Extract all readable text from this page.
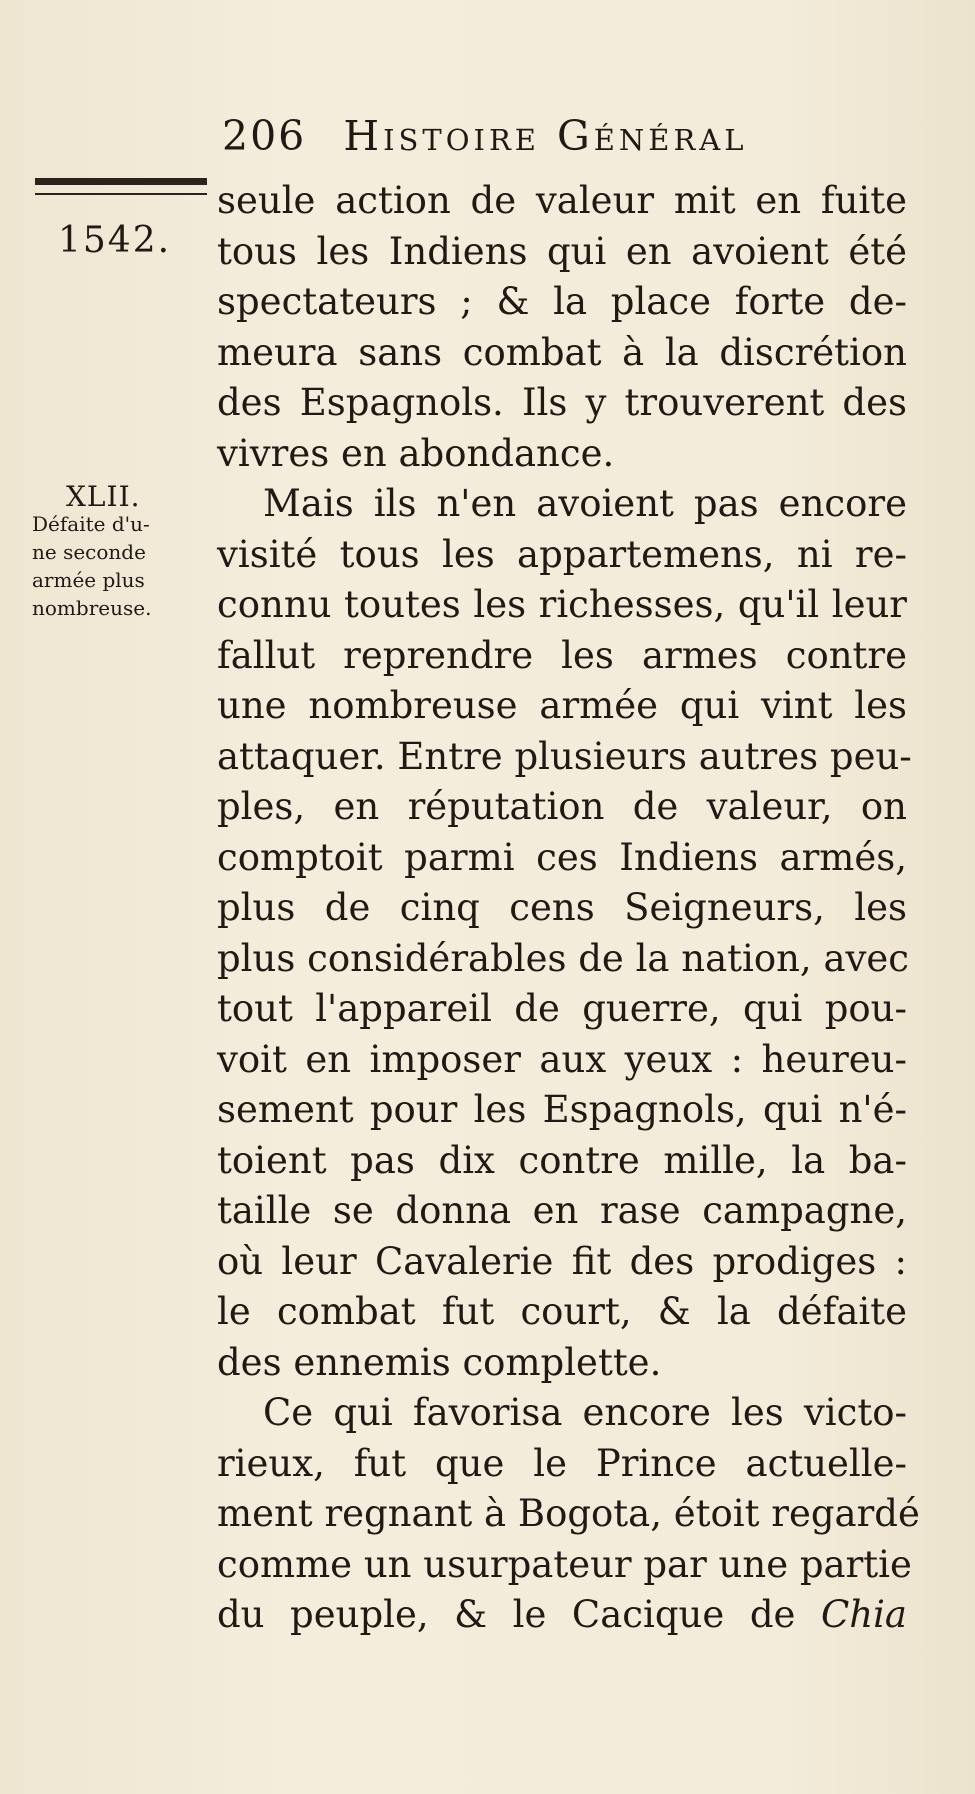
206 Histoire Général
1542.
XLII.
Défaite d'u-
ne seconde
armée plus
nombreuse.
seule action de valeur mit en fuite
tous les Indiens qui en avoient été
spectateurs ; & la place forte de-
meura sans combat à la discrétion
des Espagnols. Ils y trouverent des
vivres en abondance.
Mais ils n'en avoient pas encore
visité tous les appartemens, ni re-
connu toutes les richesses, qu'il leur
fallut reprendre les armes contre
une nombreuse armée qui vint les
attaquer. Entre plusieurs autres peu-
ples, en réputation de valeur, on
comptoit parmi ces Indiens armés,
plus de cinq cens Seigneurs, les
plus considérables de la nation, avec
tout l'appareil de guerre, qui pou-
voit en imposer aux yeux : heureu-
sement pour les Espagnols, qui n'é-
toient pas dix contre mille, la ba-
taille se donna en rase campagne,
où leur Cavalerie fit des prodiges :
le combat fut court, & la défaite
des ennemis complette.
Ce qui favorisa encore les victo-
rieux, fut que le Prince actuelle-
ment regnant à Bogota, étoit regardé
comme un usurpateur par une partie
du peuple, & le Cacique de Chia
